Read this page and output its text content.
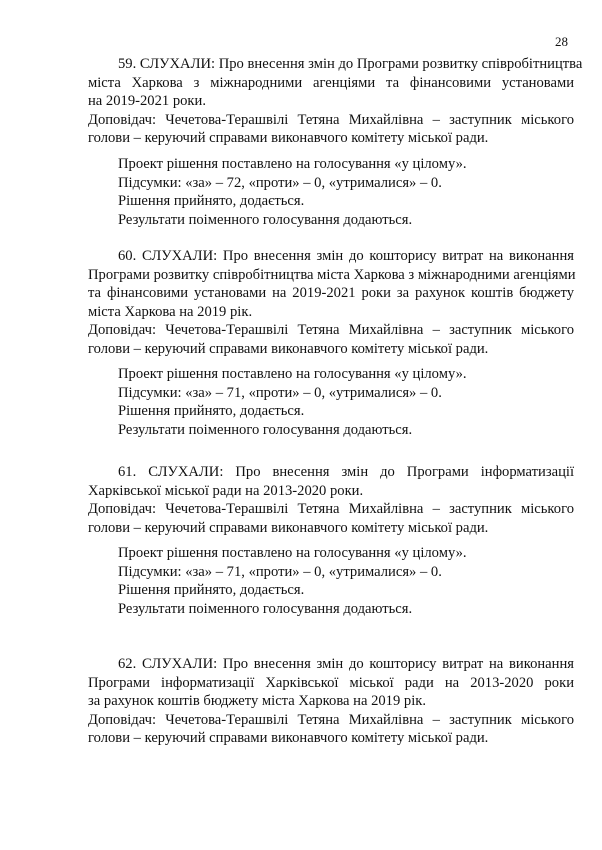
28
59. СЛУХАЛИ: Про внесення змін до Програми розвитку співробітництва
міста Харкова з міжнародними агенціями та фінансовими установами
на 2019-2021 роки.
Доповідач: Чечетова-Терашвілі Тетяна Михайлівна – заступник міського
голови – керуючий справами виконавчого комітету міської ради.
Проект рішення поставлено на голосування «у цілому».
Підсумки: «за» – 72, «проти» – 0, «утрималися» – 0.
Рішення прийнято, додається.
Результати поіменного голосування додаються.
60. СЛУХАЛИ: Про внесення змін до кошторису витрат на виконання
Програми розвитку співробітництва міста Харкова з міжнародними агенціями
та фінансовими установами на 2019-2021 роки за рахунок коштів бюджету
міста Харкова на 2019 рік.
Доповідач: Чечетова-Терашвілі Тетяна Михайлівна – заступник міського
голови – керуючий справами виконавчого комітету міської ради.
Проект рішення поставлено на голосування «у цілому».
Підсумки: «за» – 71, «проти» – 0, «утрималися» – 0.
Рішення прийнято, додається.
Результати поіменного голосування додаються.
61. СЛУХАЛИ: Про внесення змін до Програми інформатизації
Харківської міської ради на 2013-2020 роки.
Доповідач: Чечетова-Терашвілі Тетяна Михайлівна – заступник міського
голови – керуючий справами виконавчого комітету міської ради.
Проект рішення поставлено на голосування «у цілому».
Підсумки: «за» – 71, «проти» – 0, «утрималися» – 0.
Рішення прийнято, додається.
Результати поіменного голосування додаються.
62. СЛУХАЛИ: Про внесення змін до кошторису витрат на виконання
Програми інформатизації Харківської міської ради на 2013-2020 роки
за рахунок коштів бюджету міста Харкова на 2019 рік.
Доповідач: Чечетова-Терашвілі Тетяна Михайлівна – заступник міського
голови – керуючий справами виконавчого комітету міської ради.
